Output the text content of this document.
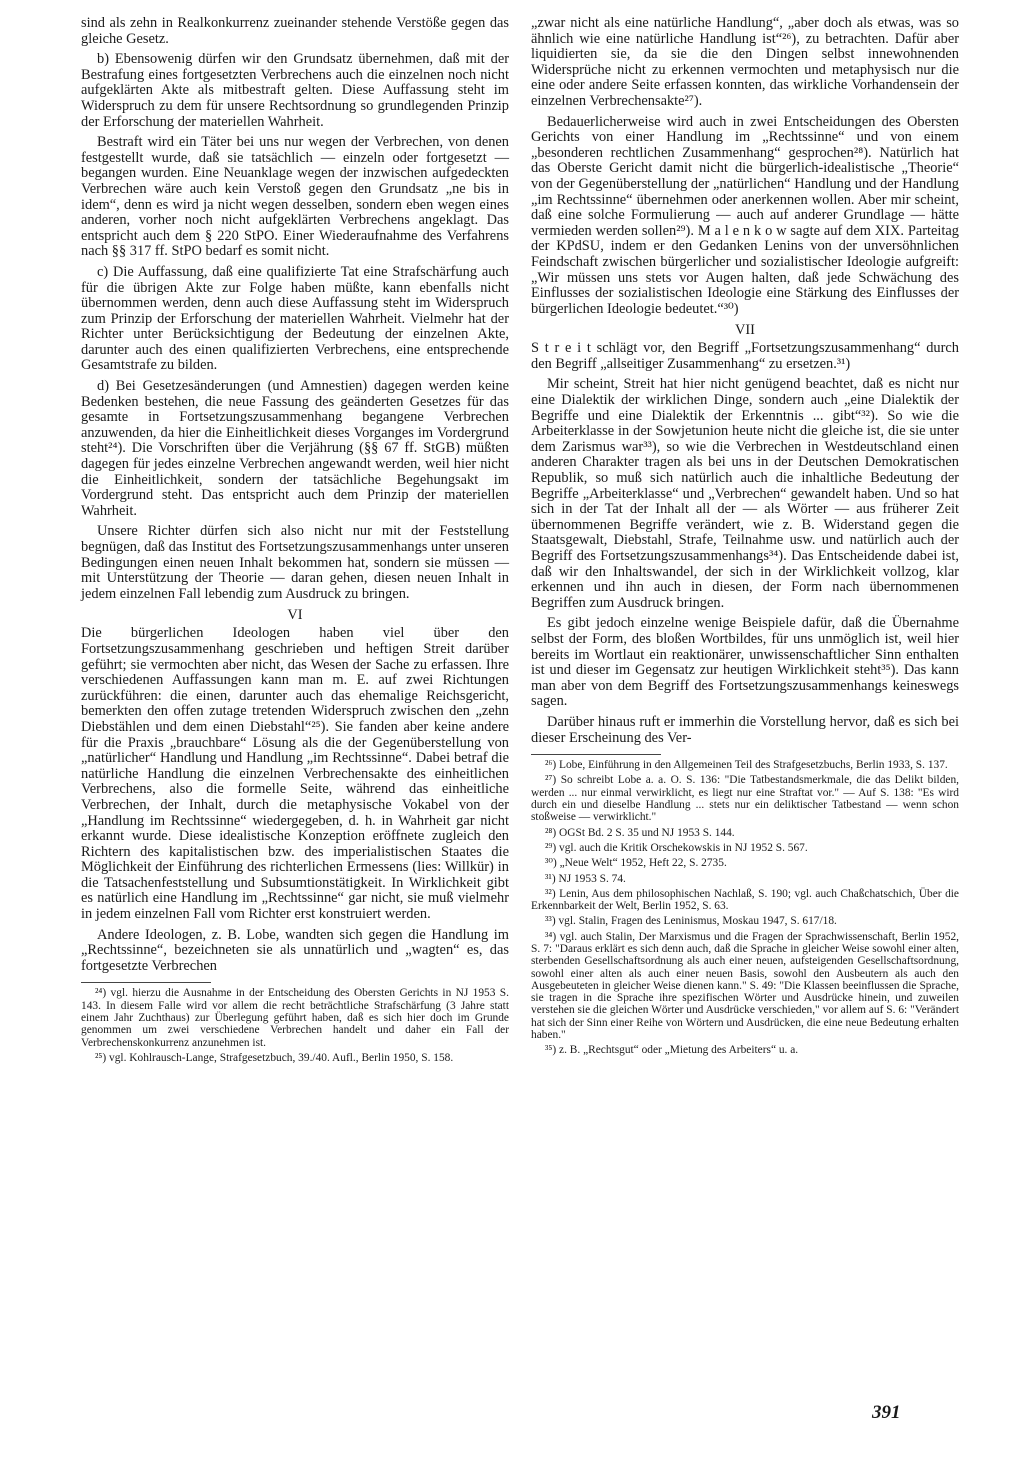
sind als zehn in Realkonkurrenz zueinander stehende Verstöße gegen das gleiche Gesetz.

b) Ebensowenig dürfen wir den Grundsatz übernehmen, daß mit der Bestrafung eines fortgesetzten Verbrechens auch die einzelnen noch nicht aufgeklärten Akte als mitbestraft gelten. Diese Auffassung steht im Widerspruch zu dem für unsere Rechtsordnung so grundlegenden Prinzip der Erforschung der materiellen Wahrheit.

Bestraft wird ein Täter bei uns nur wegen der Verbrechen, von denen festgestellt wurde, daß sie tatsächlich — einzeln oder fortgesetzt — begangen wurden. Eine Neuanklage wegen der inzwischen aufgedeckten Verbrechen wäre auch kein Verstoß gegen den Grundsatz „ne bis in idem“, denn es wird ja nicht wegen desselben, sondern eben wegen eines anderen, vorher noch nicht aufgeklärten Verbrechens angeklagt. Das entspricht auch dem § 220 StPO. Einer Wiederaufnahme des Verfahrens nach §§ 317 ff. StPO bedarf es somit nicht.

c) Die Auffassung, daß eine qualifizierte Tat eine Strafschärfung auch für die übrigen Akte zur Folge haben müßte, kann ebenfalls nicht übernommen werden, denn auch diese Auffassung steht im Widerspruch zum Prinzip der Erforschung der materiellen Wahrheit. Vielmehr hat der Richter unter Berücksichtigung der Bedeutung der einzelnen Akte, darunter auch des einen qualifizierten Verbrechens, eine entsprechende Gesamtstrafe zu bilden.

d) Bei Gesetzesänderungen (und Amnestien) dagegen werden keine Bedenken bestehen, die neue Fassung des geänderten Gesetzes für das gesamte in Fortsetzungszusammenhang begangene Verbrechen anzuwenden, da hier die Einheitlichkeit dieses Vorganges im Vordergrund steht²⁴). Die Vorschriften über die Verjährung (§§ 67 ff. StGB) müßten dagegen für jedes einzelne Verbrechen angewandt werden, weil hier nicht die Einheitlichkeit, sondern der tatsächliche Begehungsakt im Vordergrund steht. Das entspricht auch dem Prinzip der materiellen Wahrheit.

Unsere Richter dürfen sich also nicht nur mit der Feststellung begnügen, daß das Institut des Fortsetzungszusammenhangs unter unseren Bedingungen einen neuen Inhalt bekommen hat, sondern sie müssen — mit Unterstützung der Theorie — daran gehen, diesen neuen Inhalt in jedem einzelnen Fall lebendig zum Ausdruck zu bringen.

VI

Die bürgerlichen Ideologen haben viel über den Fortsetzungszusammenhang geschrieben und heftigen Streit darüber geführt; sie vermochten aber nicht, das Wesen der Sache zu erfassen. Ihre verschiedenen Auffassungen kann man m. E. auf zwei Richtungen zurückführen: die einen, darunter auch das ehemalige Reichsgericht, bemerkten den offen zutage tretenden Widerspruch zwischen den „zehn Diebstählen und dem einen Diebstahl“²⁵). Sie fanden aber keine andere für die Praxis „brauchbare“ Lösung als die der Gegenüberstellung von „natürlicher“ Handlung und Handlung „im Rechtssinne“. Dabei betraf die natürliche Handlung die einzelnen Verbrechensakte des einheitlichen Verbrechens, also die formelle Seite, während das einheitliche Verbrechen, der Inhalt, durch die metaphysische Vokabel von der „Handlung im Rechtssinne“ wiedergegeben, d. h. in Wahrheit gar nicht erkannt wurde. Diese idealistische Konzeption eröffnete zugleich den Richtern des kapitalistischen bzw. des imperialistischen Staates die Möglichkeit der Einführung des richterlichen Ermessens (lies: Willkür) in die Tatsachenfeststellung und Subsumtionstätigkeit. In Wirklichkeit gibt es natürlich eine Handlung im „Rechtssinne“ gar nicht, sie muß vielmehr in jedem einzelnen Fall vom Richter erst konstruiert werden.

Andere Ideologen, z. B. Lobe, wandten sich gegen die Handlung im „Rechtssinne“, bezeichneten sie als unnatürlich und „wagten“ es, das fortgesetzte Verbrechen

²⁴) vgl. hierzu die Ausnahme in der Entscheidung des Obersten Gerichts in NJ 1953 S. 143. In diesem Falle wird vor allem die recht beträchtliche Strafschärfung (3 Jahre statt einem Jahr Zuchthaus) zur Überlegung geführt haben, daß es sich hier doch im Grunde genommen um zwei verschiedene Verbrechen handelt und daher ein Fall der Verbrechenskonkurrenz anzunehmen ist.
²⁵) vgl. Kohlrausch-Lange, Strafgesetzbuch, 39./40. Aufl., Berlin 1950, S. 158.

„zwar nicht als eine natürliche Handlung“, „aber doch als etwas, was so ähnlich wie eine natürliche Handlung ist“²⁶), zu betrachten. Dafür aber liquidierten sie, da sie die den Dingen selbst innewohnenden Widersprüche nicht zu erkennen vermochten und metaphysisch nur die eine oder andere Seite erfassen konnten, das wirkliche Vorhandensein der einzelnen Verbrechensakte²⁷).

Bedauerlicherweise wird auch in zwei Entscheidungen des Obersten Gerichts von einer Handlung im „Rechtssinne“ und von einem „besonderen rechtlichen Zusammenhang“ gesprochen²⁸). Natürlich hat das Oberste Gericht damit nicht die bürgerlich-idealistische „Theorie“ von der Gegenüberstellung der „natürlichen“ Handlung und der Handlung „im Rechtssinne“ übernehmen oder anerkennen wollen. Aber mir scheint, daß eine solche Formulierung — auch auf anderer Grundlage — hätte vermieden werden sollen²⁹). M a l e n k o w sagte auf dem XIX. Parteitag der KPdSU, indem er den Gedanken Lenins von der unversöhnlichen Feindschaft zwischen bürgerlicher und sozialistischer Ideologie aufgreift: „Wir müssen uns stets vor Augen halten, daß jede Schwächung des Einflusses der sozialistischen Ideologie eine Stärkung des Einflusses der bürgerlichen Ideologie bedeutet.“³⁰)

VII

S t r e i t schlägt vor, den Begriff „Fortsetzungszusammenhang“ durch den Begriff „allseitiger Zusammenhang“ zu ersetzen.³¹)

Mir scheint, Streit hat hier nicht genügend beachtet, daß es nicht nur eine Dialektik der wirklichen Dinge, sondern auch „eine Dialektik der Begriffe und eine Dialektik der Erkenntnis ... gibt“³²). So wie die Arbeiterklasse in der Sowjetunion heute nicht die gleiche ist, die sie unter dem Zarismus war³³), so wie die Verbrechen in Westdeutschland einen anderen Charakter tragen als bei uns in der Deutschen Demokratischen Republik, so muß sich natürlich auch die inhaltliche Bedeutung der Begriffe „Arbeiterklasse“ und „Verbrechen“ gewandelt haben. Und so hat sich in der Tat der Inhalt all der — als Wörter — aus früherer Zeit übernommenen Begriffe verändert, wie z. B. Widerstand gegen die Staatsgewalt, Diebstahl, Strafe, Teilnahme usw. und natürlich auch der Begriff des Fortsetzungszusammenhangs³⁴). Das Entscheidende dabei ist, daß wir den Inhaltswandel, der sich in der Wirklichkeit vollzog, klar erkennen und ihn auch in diesen, der Form nach übernommenen Begriffen zum Ausdruck bringen.

Es gibt jedoch einzelne wenige Beispiele dafür, daß die Übernahme selbst der Form, des bloßen Wortbildes, für uns unmöglich ist, weil hier bereits im Wortlaut ein reaktionärer, unwissenschaftlicher Sinn enthalten ist und dieser im Gegensatz zur heutigen Wirklichkeit steht³⁵). Das kann man aber von dem Begriff des Fortsetzungszusammenhangs keineswegs sagen.

Darüber hinaus ruft er immerhin die Vorstellung hervor, daß es sich bei dieser Erscheinung des Ver-

²⁶) Lobe, Einführung in den Allgemeinen Teil des Strafgesetzbuchs, Berlin 1933, S. 137.
²⁷) So schreibt Lobe a. a. O. S. 136: "Die Tatbestandsmerkmale, die das Delikt bilden, werden ... nur einmal verwirklicht, es liegt nur eine Straftat vor." — Auf S. 138: "Es wird durch ein und dieselbe Handlung ... stets nur ein deliktischer Tatbestand — wenn schon stoßweise — verwirklicht."
²⁸) OGSt Bd. 2 S. 35 und NJ 1953 S. 144.
²⁹) vgl. auch die Kritik Orschekowskis in NJ 1952 S. 567.
³⁰) „Neue Welt“ 1952, Heft 22, S. 2735.
³¹) NJ 1953 S. 74.
³²) Lenin, Aus dem philosophischen Nachlaß, S. 190; vgl. auch Chaßchatschich, Über die Erkennbarkeit der Welt, Berlin 1952, S. 63.
³³) vgl. Stalin, Fragen des Leninismus, Moskau 1947, S. 617/18.
³⁴) vgl. auch Stalin, Der Marxismus und die Fragen der Sprachwissenschaft, Berlin 1952, S. 7: "Daraus erklärt es sich denn auch, daß die Sprache in gleicher Weise sowohl einer alten, sterbenden Gesellschaftsordnung als auch einer neuen, aufsteigenden Gesellschaftsordnung, sowohl einer alten als auch einer neuen Basis, sowohl den Ausbeutern als auch den Ausgebeuteten in gleicher Weise dienen kann." S. 49: "Die Klassen beeinflussen die Sprache, sie tragen in die Sprache ihre spezifischen Wörter und Ausdrücke hinein, und zuweilen verstehen sie die gleichen Wörter und Ausdrücke verschieden," vor allem auf S. 6: "Verändert hat sich der Sinn einer Reihe von Wörtern und Ausdrücken, die eine neue Bedeutung erhalten haben."
³⁵) z. B. „Rechtsgut“ oder „Mietung des Arbeiters“ u. a.
391
